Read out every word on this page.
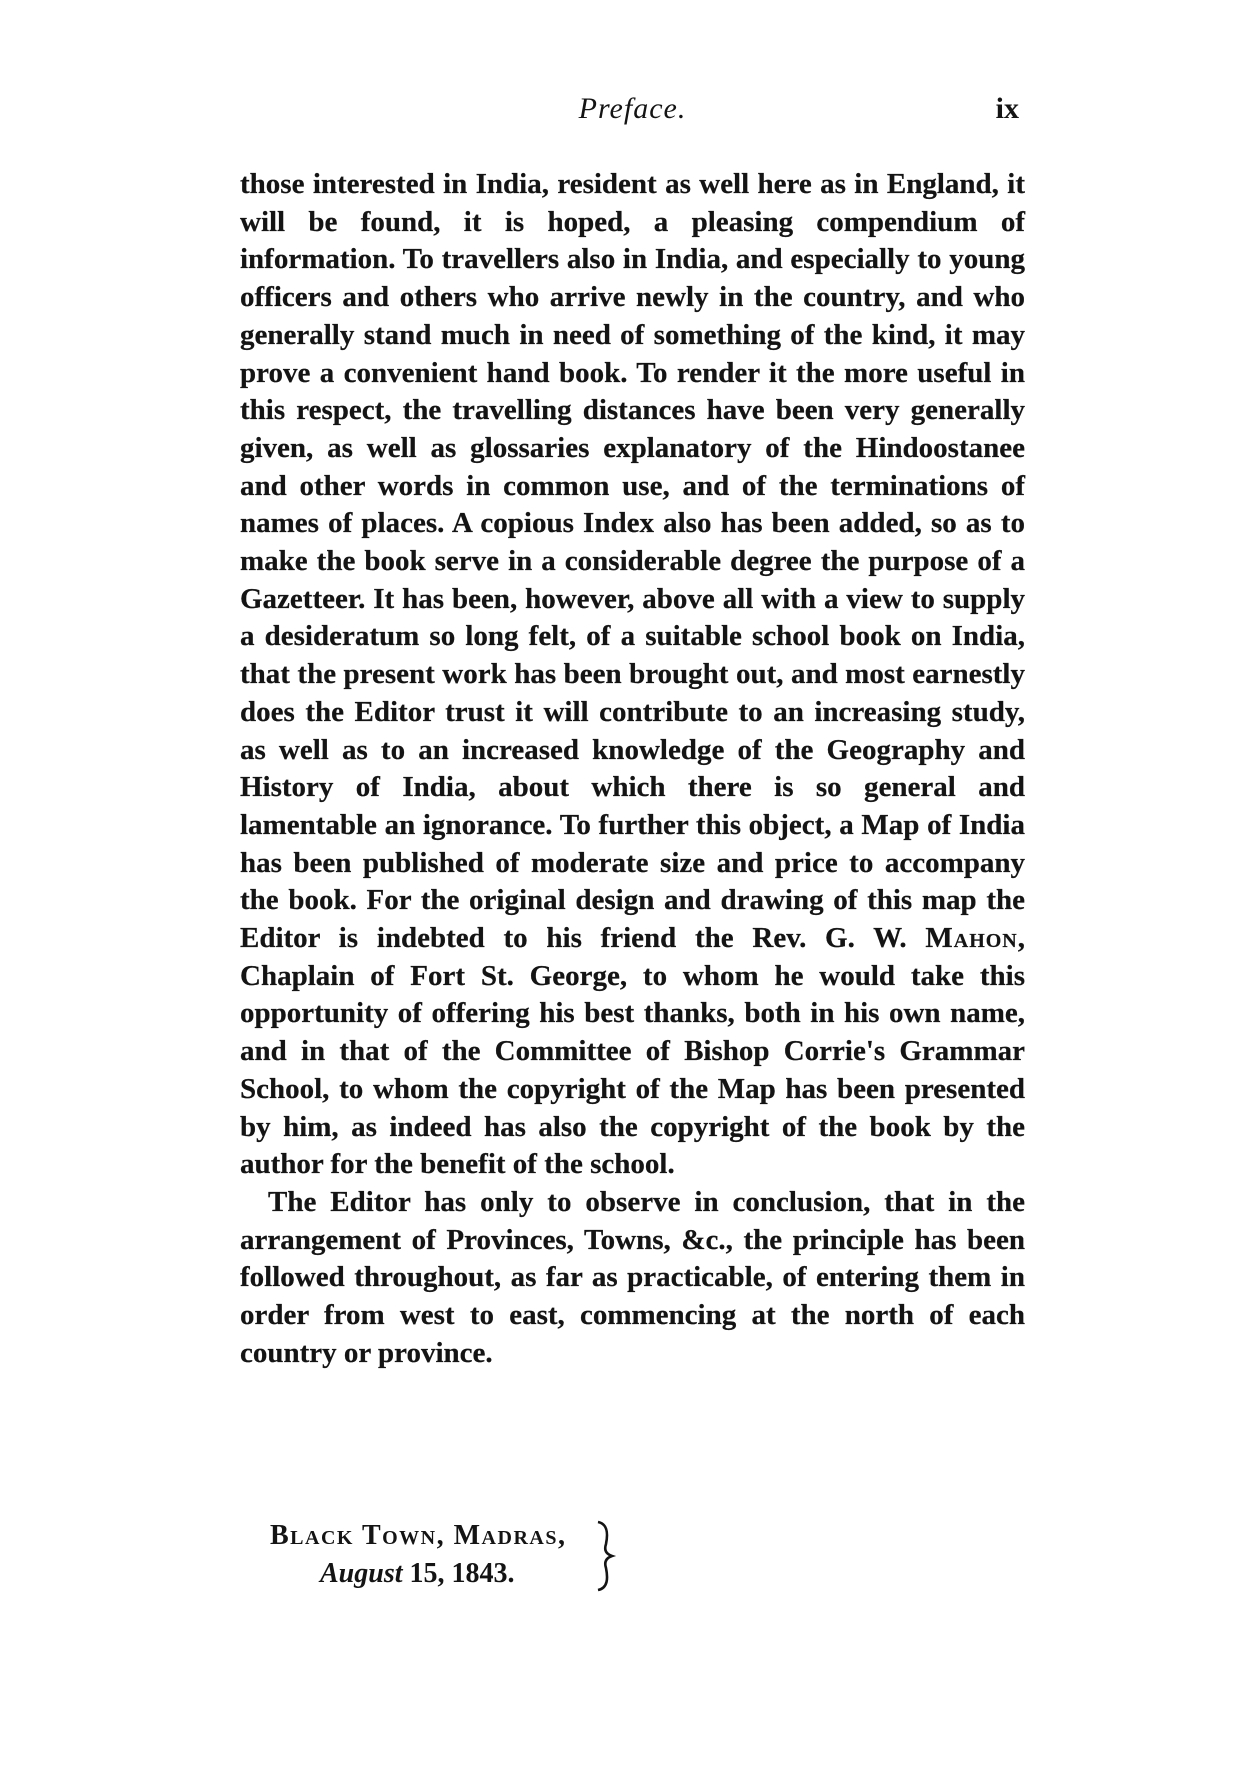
Preface.	ix

those interested in India, resident as well here as in England, it will be found, it is hoped, a pleasing compendium of information. To travellers also in India, and especially to young officers and others who arrive newly in the country, and who generally stand much in need of something of the kind, it may prove a convenient hand book. To render it the more useful in this respect, the travelling distances have been very generally given, as well as glossaries explanatory of the Hindoostanee and other words in common use, and of the terminations of names of places. A copious Index also has been added, so as to make the book serve in a considerable degree the purpose of a Gazetteer. It has been, however, above all with a view to supply a desideratum so long felt, of a suitable school book on India, that the present work has been brought out, and most earnestly does the Editor trust it will contribute to an increasing study, as well as to an increased knowledge of the Geography and History of India, about which there is so general and lamentable an ignorance. To further this object, a Map of India has been published of moderate size and price to accompany the book. For the original design and drawing of this map the Editor is indebted to his friend the Rev. G. W. Mahon, Chaplain of Fort St. George, to whom he would take this opportunity of offering his best thanks, both in his own name, and in that of the Committee of Bishop Corrie's Grammar School, to whom the copyright of the Map has been presented by him, as indeed has also the copyright of the book by the author for the benefit of the school.

The Editor has only to observe in conclusion, that in the arrangement of Provinces, Towns, &c., the principle has been followed throughout, as far as practicable, of entering them in order from west to east, commencing at the north of each country or province.

Black Town, Madras,
August 15, 1843.
